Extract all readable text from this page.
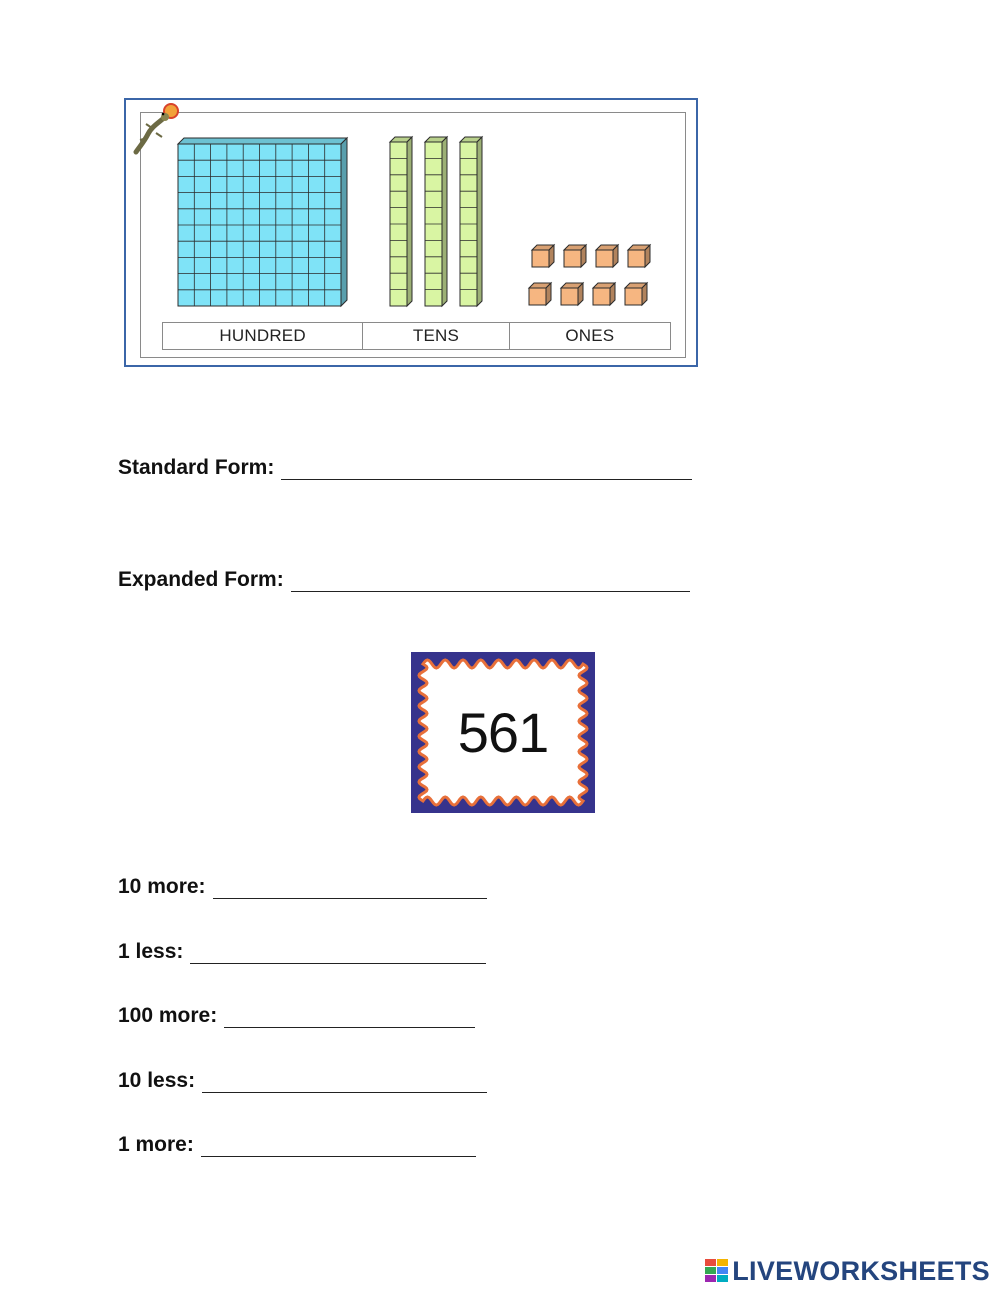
HUNDRED	TENS	ONES
Standard Form:
Expanded Form:
561
10 more:
1 less:
100 more:
10 less:
1 more:
LIVEWORKSHEETS
